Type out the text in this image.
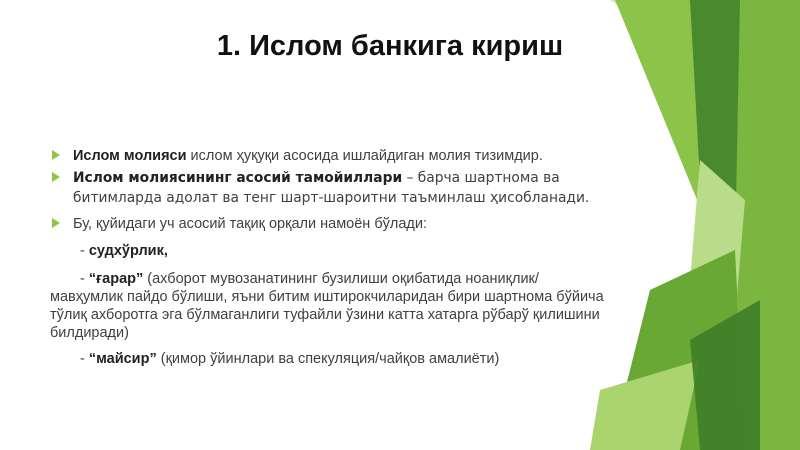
1. Ислом банкига кириш
Ислом молияси ислом ҳуқуқи асосида ишлайдиган молия тизимдир.
Ислом молиясининг асосий тамойиллари – барча шартнома ва битимларда адолат ва тенг шарт-шароитни таъминлаш ҳисобланади.
Бу, қуйидаги уч асосий тақиқ орқали намоён бўлади:
- судхўрлик,
- “ғарар” (ахборот мувозанатининг бузилиши оқибатида ноаниқлик/мавҳумлик пайдо бўлиши, яъни битим иштирокчиларидан бири шартнома бўйича тўлиқ ахборотга эга бўлмаганлиги туфайли ўзини катта хатарга рўбарў қилишини билдиради)
- “майсир” (қимор ўйинлари ва спекуляция/чайқов амалиёти)
